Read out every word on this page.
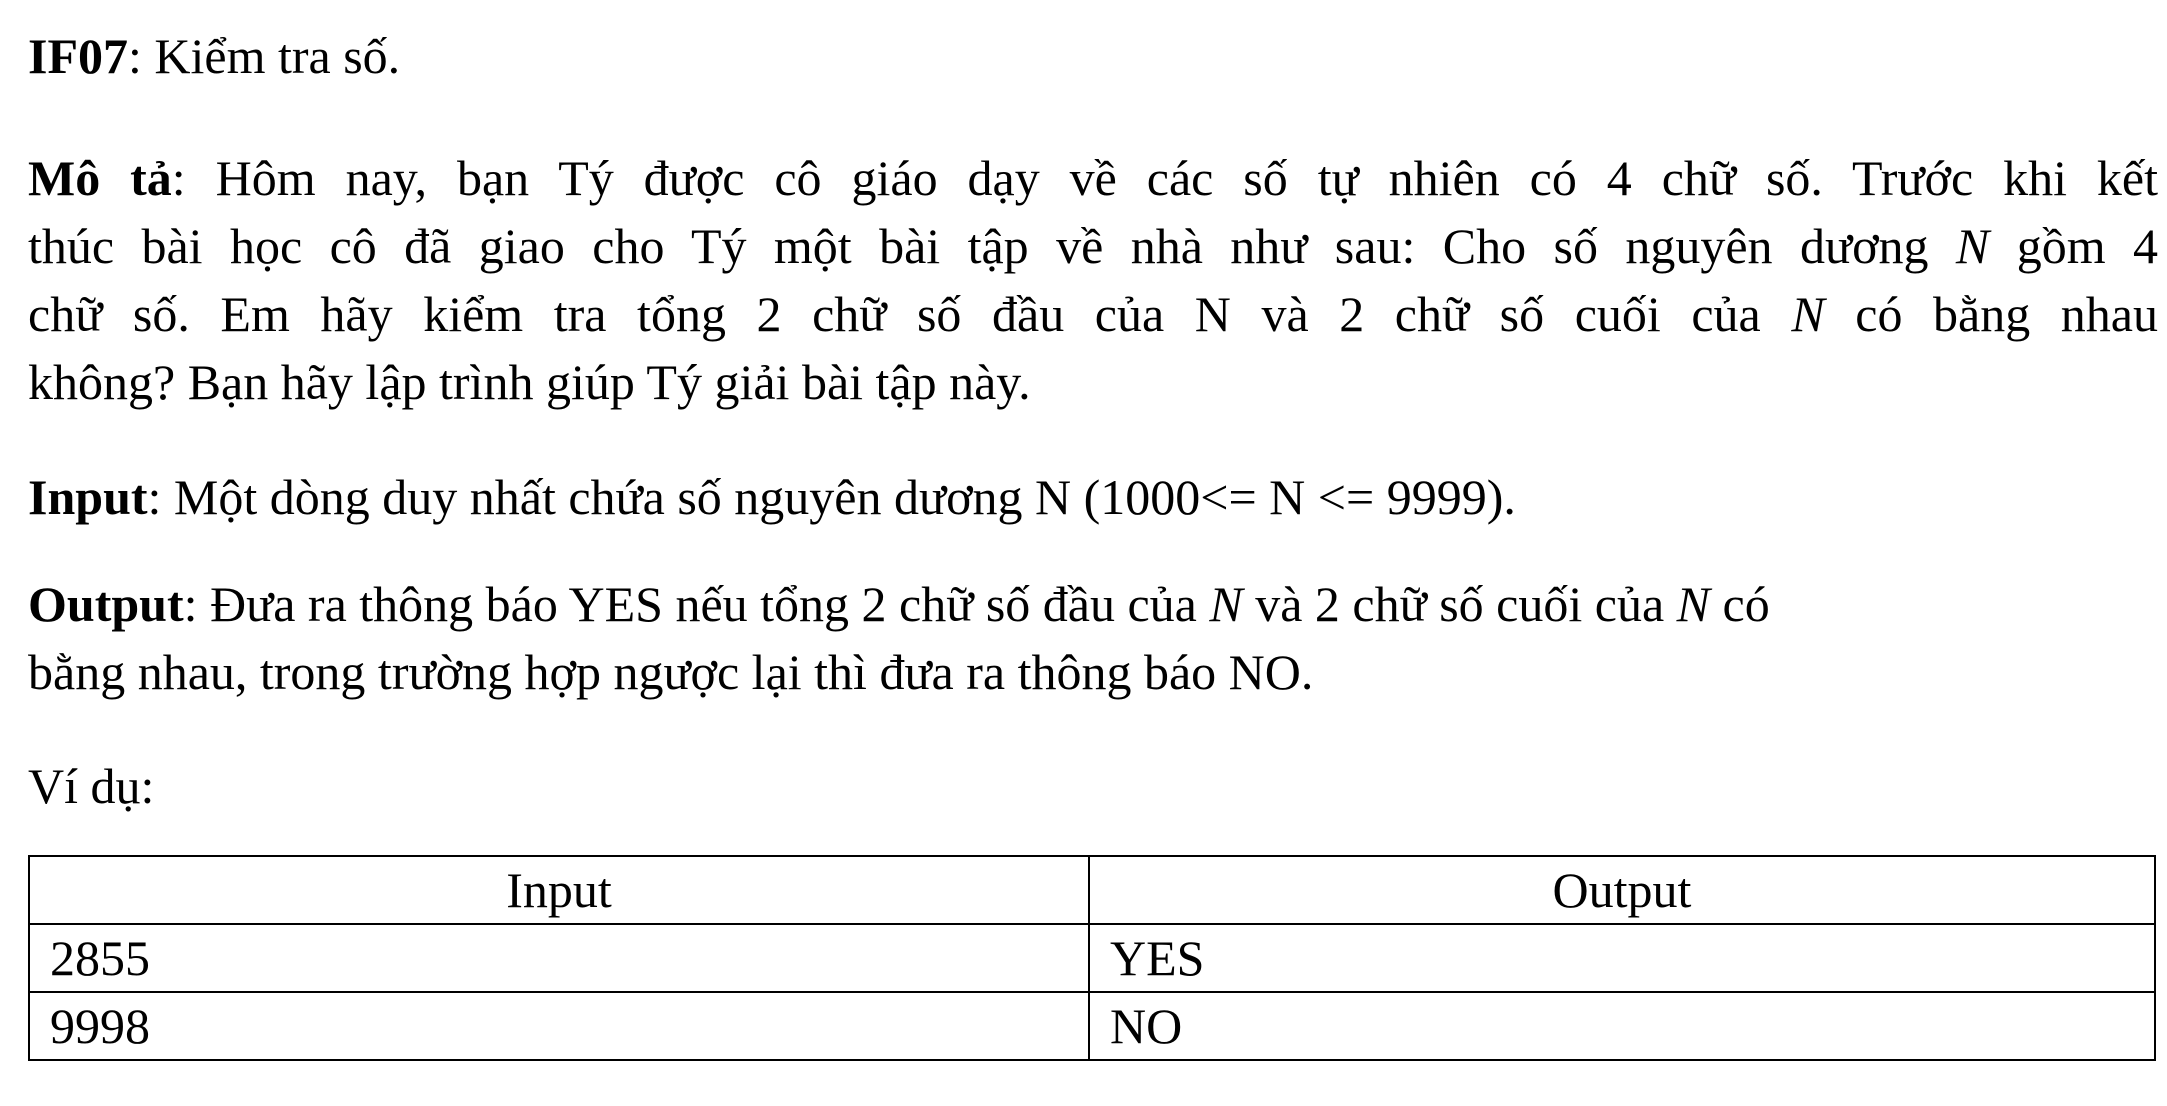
IF07: Kiểm tra số.
Mô tả: Hôm nay, bạn Tý được cô giáo dạy về các số tự nhiên có 4 chữ số. Trước khi kết
thúc bài học cô đã giao cho Tý một bài tập về nhà như sau: Cho số nguyên dương N gồm 4
chữ số. Em hãy kiểm tra tổng 2 chữ số đầu của N và 2 chữ số cuối của N có bằng nhau
không? Bạn hãy lập trình giúp Tý giải bài tập này.
Input: Một dòng duy nhất chứa số nguyên dương N (1000<= N <= 9999).
Output: Đưa ra thông báo YES nếu tổng 2 chữ số đầu của N và 2 chữ số cuối của N có
bằng nhau, trong trường hợp ngược lại thì đưa ra thông báo NO.
Ví dụ:
Input	Output
2855	YES
9998	NO
